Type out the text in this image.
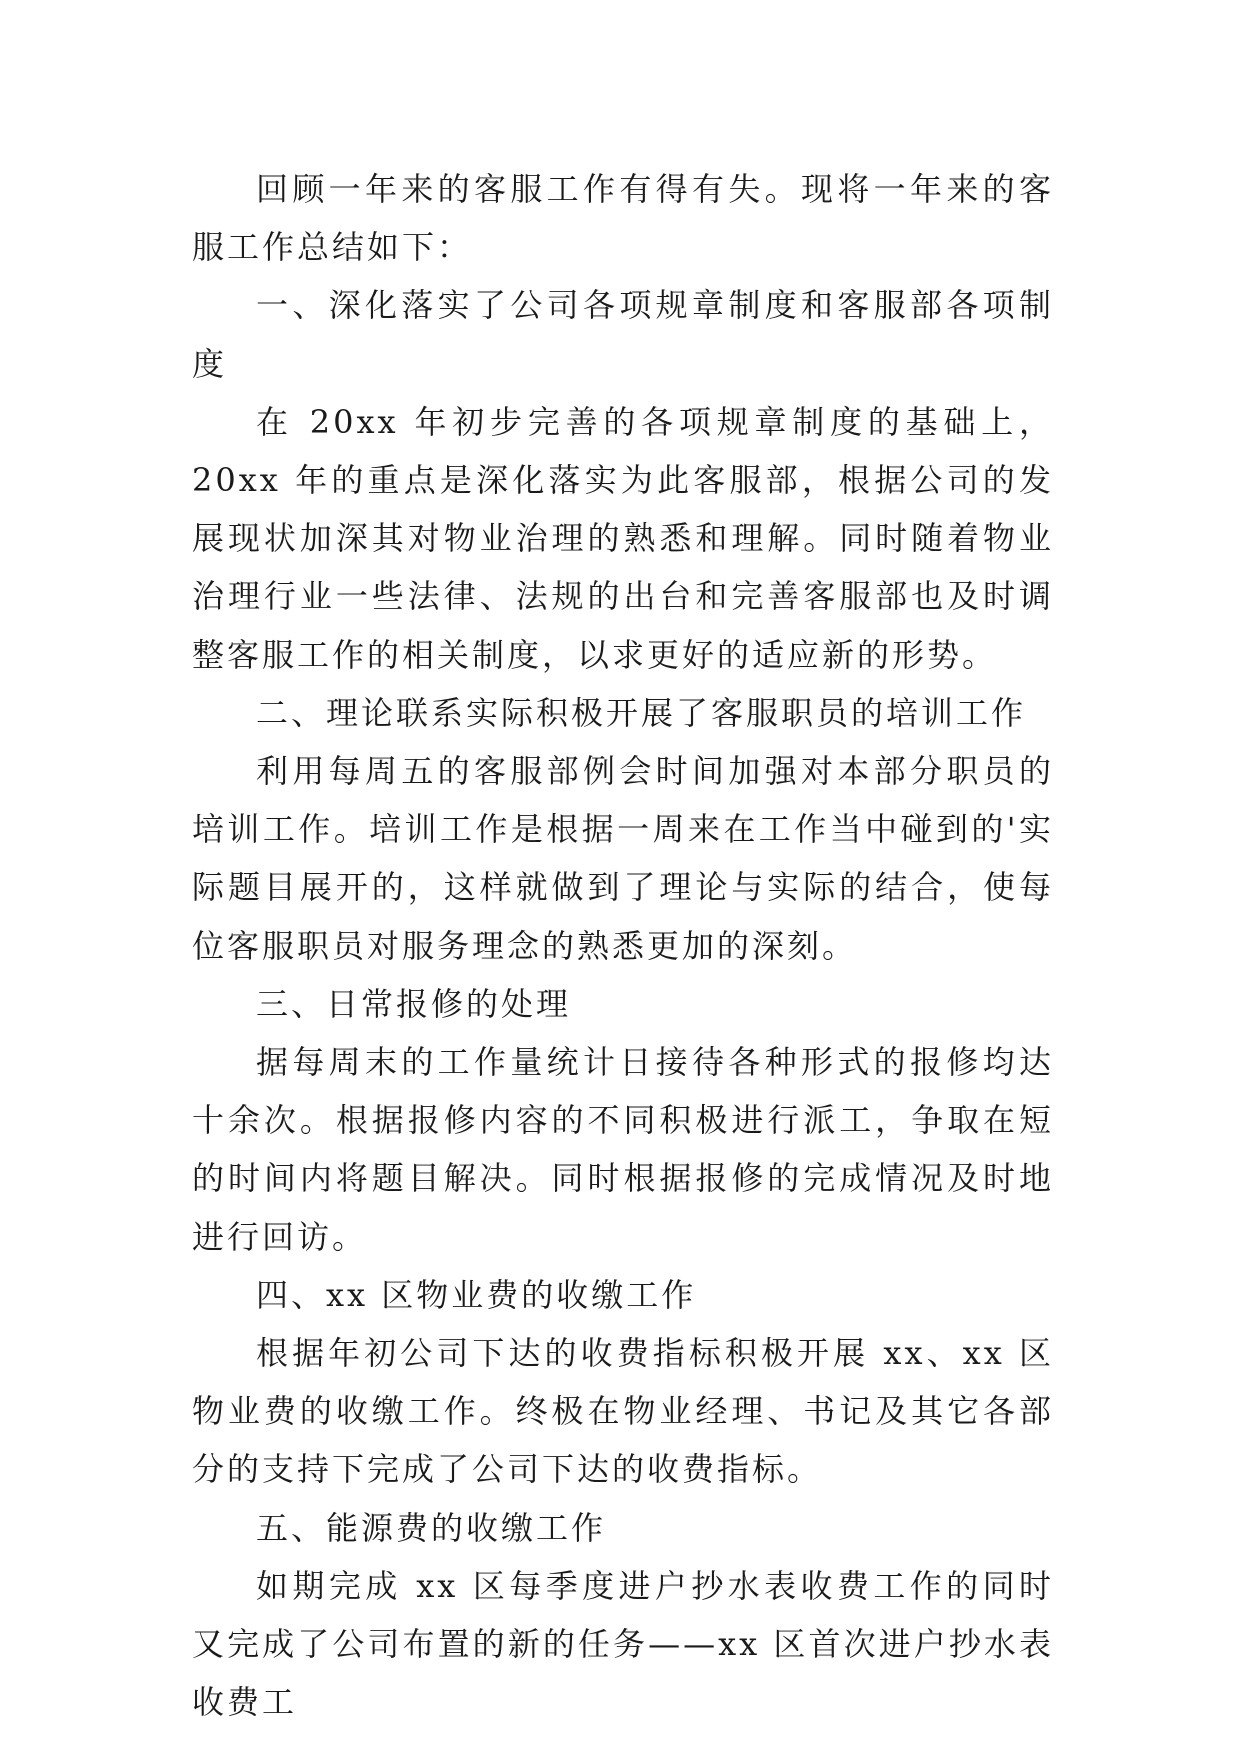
回顾一年来的客服工作有得有失。现将一年来的客服工作总结如下：

一、深化落实了公司各项规章制度和客服部各项制度

在 20xx 年初步完善的各项规章制度的基础上，20xx 年的重点是深化落实为此客服部，根据公司的发展现状加深其对物业治理的熟悉和理解。同时随着物业治理行业一些法律、法规的出台和完善客服部也及时调整客服工作的相关制度，以求更好的适应新的形势。

二、理论联系实际积极开展了客服职员的培训工作

利用每周五的客服部例会时间加强对本部分职员的培训工作。培训工作是根据一周来在工作当中碰到的'实际题目展开的，这样就做到了理论与实际的结合，使每位客服职员对服务理念的熟悉更加的深刻。

三、日常报修的处理

据每周末的工作量统计日接待各种形式的报修均达十余次。根据报修内容的不同积极进行派工，争取在短的时间内将题目解决。同时根据报修的完成情况及时地进行回访。

四、xx 区物业费的收缴工作

根据年初公司下达的收费指标积极开展 xx、xx 区物业费的收缴工作。终极在物业经理、书记及其它各部分的支持下完成了公司下达的收费指标。

五、能源费的收缴工作

如期完成 xx 区每季度进户抄水表收费工作的同时又完成了公司布置的新的任务——xx 区首次进户抄水表收费工
